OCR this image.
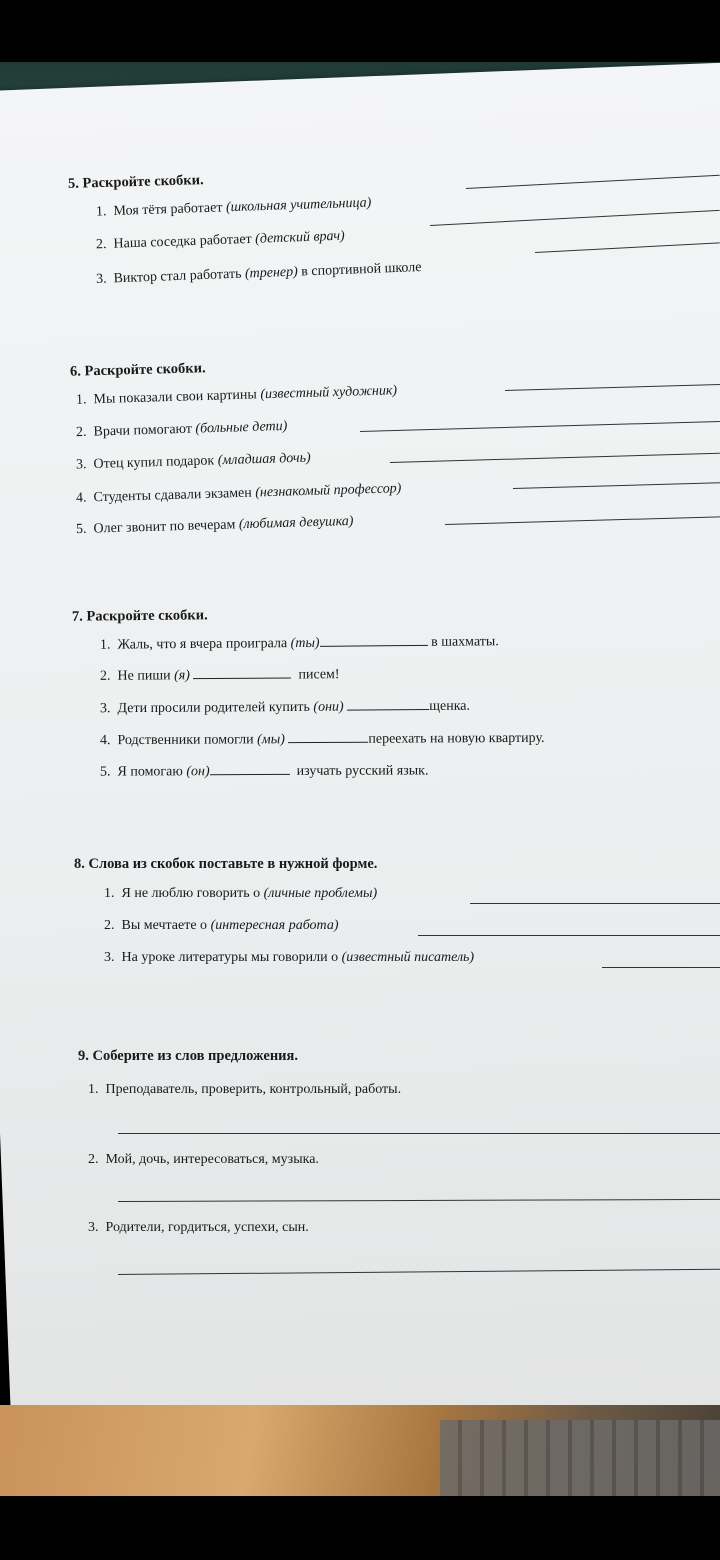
5. Раскройте скобки.
1. Моя тётя работает (школьная учительница)
2. Наша соседка работает (детский врач)
3. Виктор стал работать (тренер) в спортивной школе
6. Раскройте скобки.
1. Мы показали свои картины (известный художник)
2. Врачи помогают (больные дети)
3. Отец купил подарок (младшая дочь)
4. Студенты сдавали экзамен (незнакомый профессор)
5. Олег звонит по вечерам (любимая девушка)
7. Раскройте скобки.
1. Жаль, что я вчера проиграла (ты)	в шахматы.
2. Не пиши (я)	писем!
3. Дети просили родителей купить (они)	щенка.
4. Родственники помогли (мы)	переехать на новую квартиру.
5. Я помогаю (он)	изучать русский язык.
8. Слова из скобок поставьте в нужной форме.
1. Я не люблю говорить о (личные проблемы)
2. Вы мечтаете о (интересная работа)
3. На уроке литературы мы говорили о (известный писатель)
9. Соберите из слов предложения.
1. Преподаватель, проверить, контрольный, работы.
2. Мой, дочь, интересоваться, музыка.
3. Родители, гордиться, успехи, сын.
